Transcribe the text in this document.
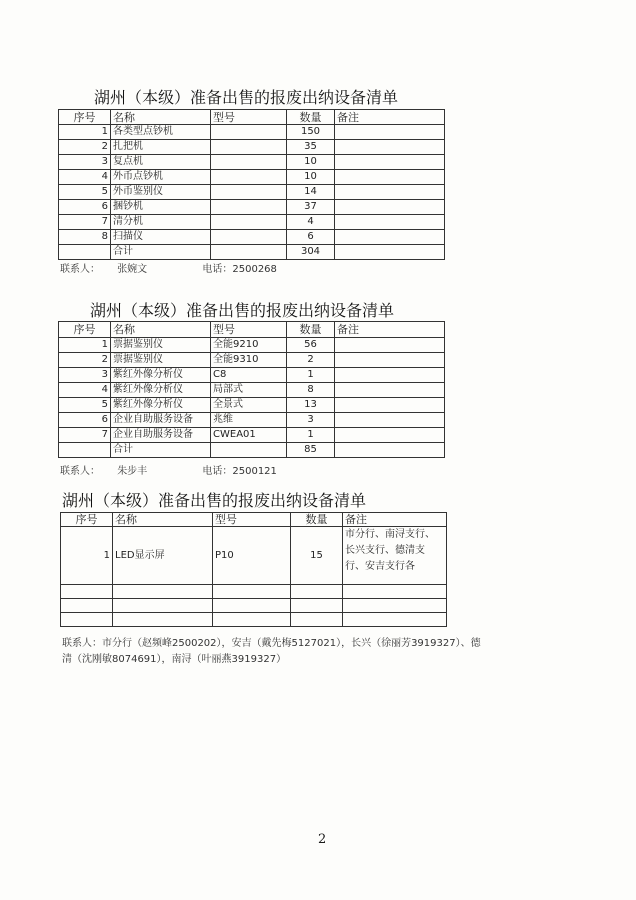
湖州（本级）准备出售的报废出纳设备清单
序号	名称	型号	数量	备注
1	各类型点钞机		150	
2	扎把机		35	
3	复点机		10	
4	外币点钞机		10	
5	外币鉴别仪		14	
6	捆钞机		37	
7	清分机		4	
8	扫描仪		6	
	合计		304	
联系人： 张婉文	电话：2500268
湖州（本级）准备出售的报废出纳设备清单
序号	名称	型号	数量	备注
1	票据鉴别仪	全能9210	56	
2	票据鉴别仪	全能9310	2	
3	紫红外像分析仪	C8	1	
4	紫红外像分析仪	局部式	8	
5	紫红外像分析仪	全景式	13	
6	企业自助服务设备	兆维	3	
7	企业自助服务设备	CWEA01	1	
	合计		85	
联系人： 朱步丰	电话：2500121
湖州（本级）准备出售的报废出纳设备清单
序号	名称	型号	数量	备注
1	LED显示屏	P10	15	市分行、南浔支行、长兴支行、德清支行、安吉支行各

联系人：市分行（赵频峰2500202），安吉（戴先梅5127021），长兴（徐丽芳3919327）、德清（沈刚敏8074691），南浔（叶丽燕3919327）
2
